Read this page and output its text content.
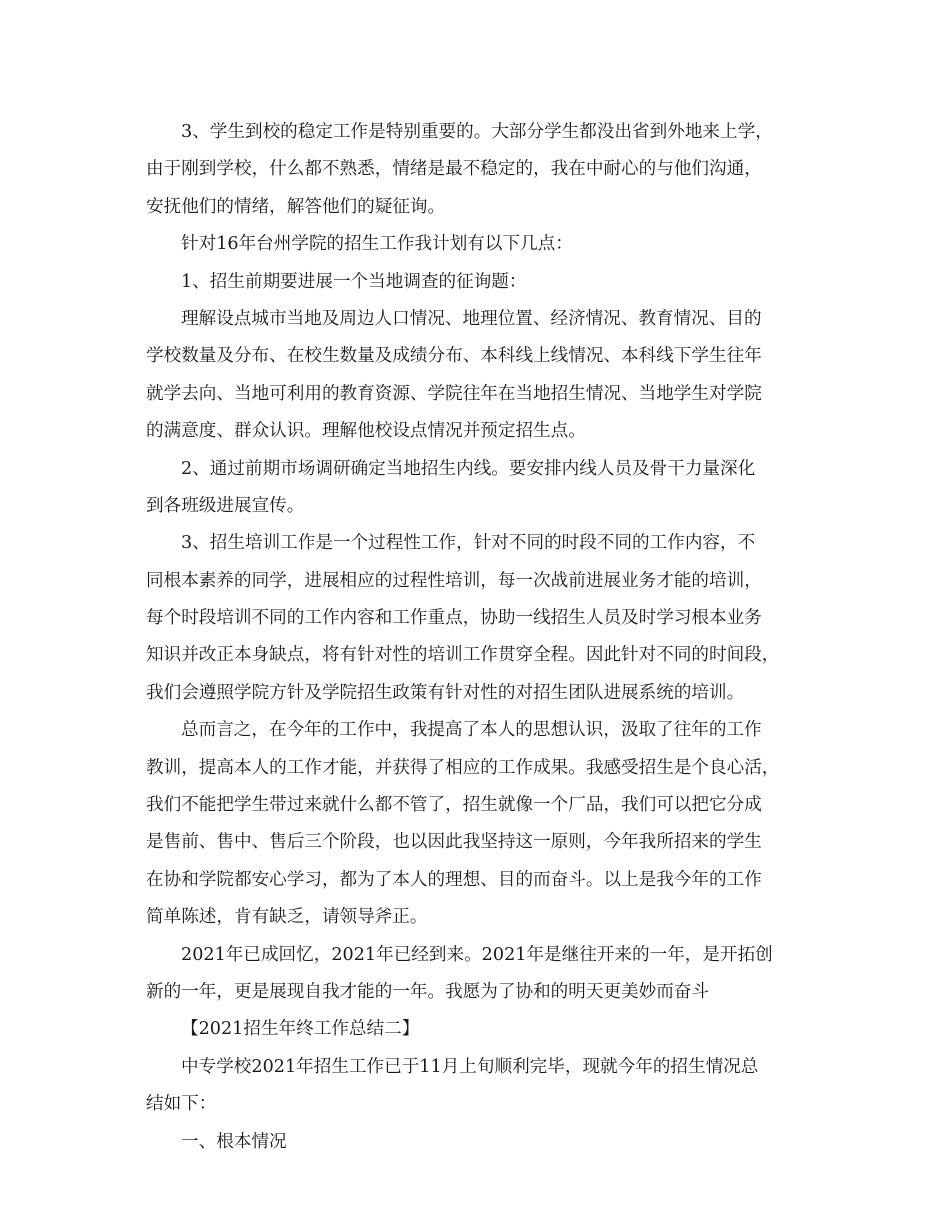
3、学生到校的稳定工作是特别重要的。大部分学生都没出省到外地来上学，
由于刚到学校，什么都不熟悉，情绪是最不稳定的，我在中耐心的与他们沟通，
安抚他们的情绪，解答他们的疑征询。
针对16年台州学院的招生工作我计划有以下几点：
1、招生前期要进展一个当地调查的征询题：
理解设点城市当地及周边人口情况、地理位置、经济情况、教育情况、目的
学校数量及分布、在校生数量及成绩分布、本科线上线情况、本科线下学生往年
就学去向、当地可利用的教育资源、学院往年在当地招生情况、当地学生对学院
的满意度、群众认识。理解他校设点情况并预定招生点。
2、通过前期市场调研确定当地招生内线。要安排内线人员及骨干力量深化
到各班级进展宣传。
3、招生培训工作是一个过程性工作，针对不同的时段不同的工作内容，不
同根本素养的同学，进展相应的过程性培训，每一次战前进展业务才能的培训，
每个时段培训不同的工作内容和工作重点，协助一线招生人员及时学习根本业务
知识并改正本身缺点，将有针对性的培训工作贯穿全程。因此针对不同的时间段，
我们会遵照学院方针及学院招生政策有针对性的对招生团队进展系统的培训。
总而言之，在今年的工作中，我提高了本人的思想认识，汲取了往年的工作
教训，提高本人的工作才能，并获得了相应的工作成果。我感受招生是个良心活，
我们不能把学生带过来就什么都不管了，招生就像一个厂品，我们可以把它分成
是售前、售中、售后三个阶段，也以因此我坚持这一原则，今年我所招来的学生
在协和学院都安心学习，都为了本人的理想、目的而奋斗。以上是我今年的工作
简单陈述，肯有缺乏，请领导斧正。
2021年已成回忆，2021年已经到来。2021年是继往开来的一年，是开拓创
新的一年，更是展现自我才能的一年。我愿为了协和的明天更美妙而奋斗
【2021招生年终工作总结二】
中专学校2021年招生工作已于11月上旬顺利完毕，现就今年的招生情况总
结如下：
一、根本情况
